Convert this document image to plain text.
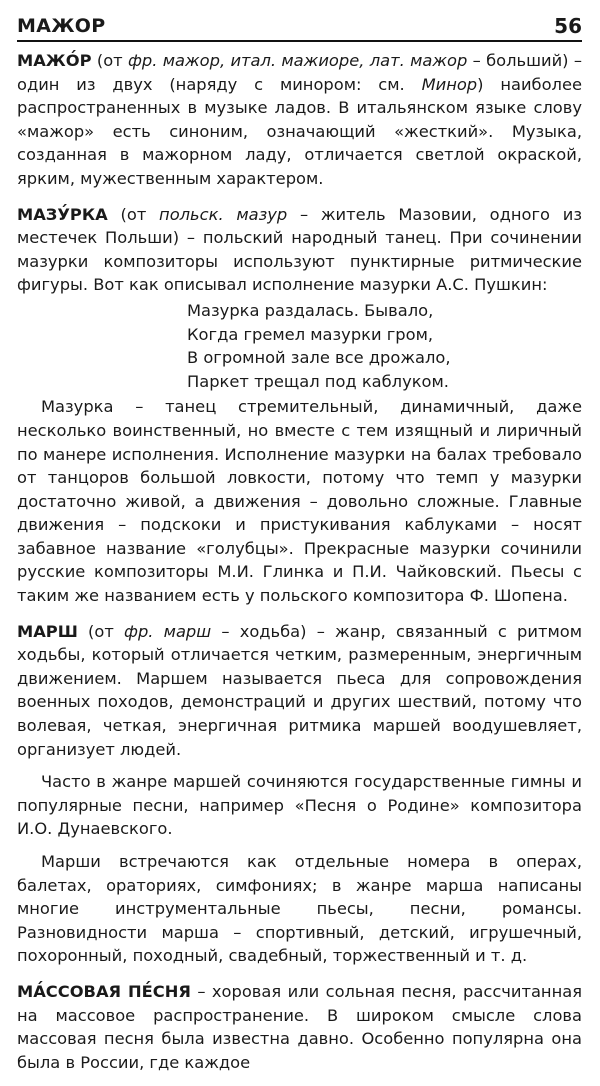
МАЖОР	56

МАЖО́Р (от фр. мажор, итал. мажиоре, лат. мажор – больший) – один из двух (наряду с минором: см. Минор) наиболее распространенных в музыке ладов. В итальянском языке слову «мажор» есть синоним, означающий «жесткий». Музыка, созданная в мажорном ладу, отличается светлой окраской, ярким, мужественным характером.

МАЗУ́РКА (от польск. мазур – житель Мазовии, одного из местечек Польши) – польский народный танец. При сочинении мазурки композиторы используют пунктирные ритмические фигуры. Вот как описывал исполнение мазурки А.С. Пушкин:

Мазурка раздалась. Бывало,
Когда гремел мазурки гром,
В огромной зале все дрожало,
Паркет трещал под каблуком.

Мазурка – танец стремительный, динамичный, даже несколько воинственный, но вместе с тем изящный и лиричный по манере исполнения. Исполнение мазурки на балах требовало от танцоров большой ловкости, потому что темп у мазурки достаточно живой, а движения – довольно сложные. Главные движения – подскоки и пристукивания каблуками – носят забавное название «голубцы». Прекрасные мазурки сочинили русские композиторы М.И. Глинка и П.И. Чайковский. Пьесы с таким же названием есть у польского композитора Ф. Шопена.

МАРШ (от фр. марш – ходьба) – жанр, связанный с ритмом ходьбы, который отличается четким, размеренным, энергичным движением. Маршем называется пьеса для сопровождения военных походов, демонстраций и других шествий, потому что волевая, четкая, энергичная ритмика маршей воодушевляет, организует людей.

Часто в жанре маршей сочиняются государственные гимны и популярные песни, например «Песня о Родине» композитора И.О. Дунаевского.

Марши встречаются как отдельные номера в операх, балетах, ораториях, симфониях; в жанре марша написаны многие инструментальные пьесы, песни, романсы. Разновидности марша – спортивный, детский, игрушечный, похоронный, походный, свадебный, торжественный и т. д.

МА́ССОВАЯ ПЕ́СНЯ – хоровая или сольная песня, рассчитанная на массовое распространение. В широком смысле слова массовая песня была известна давно. Особенно популярна она была в России, где каждое
